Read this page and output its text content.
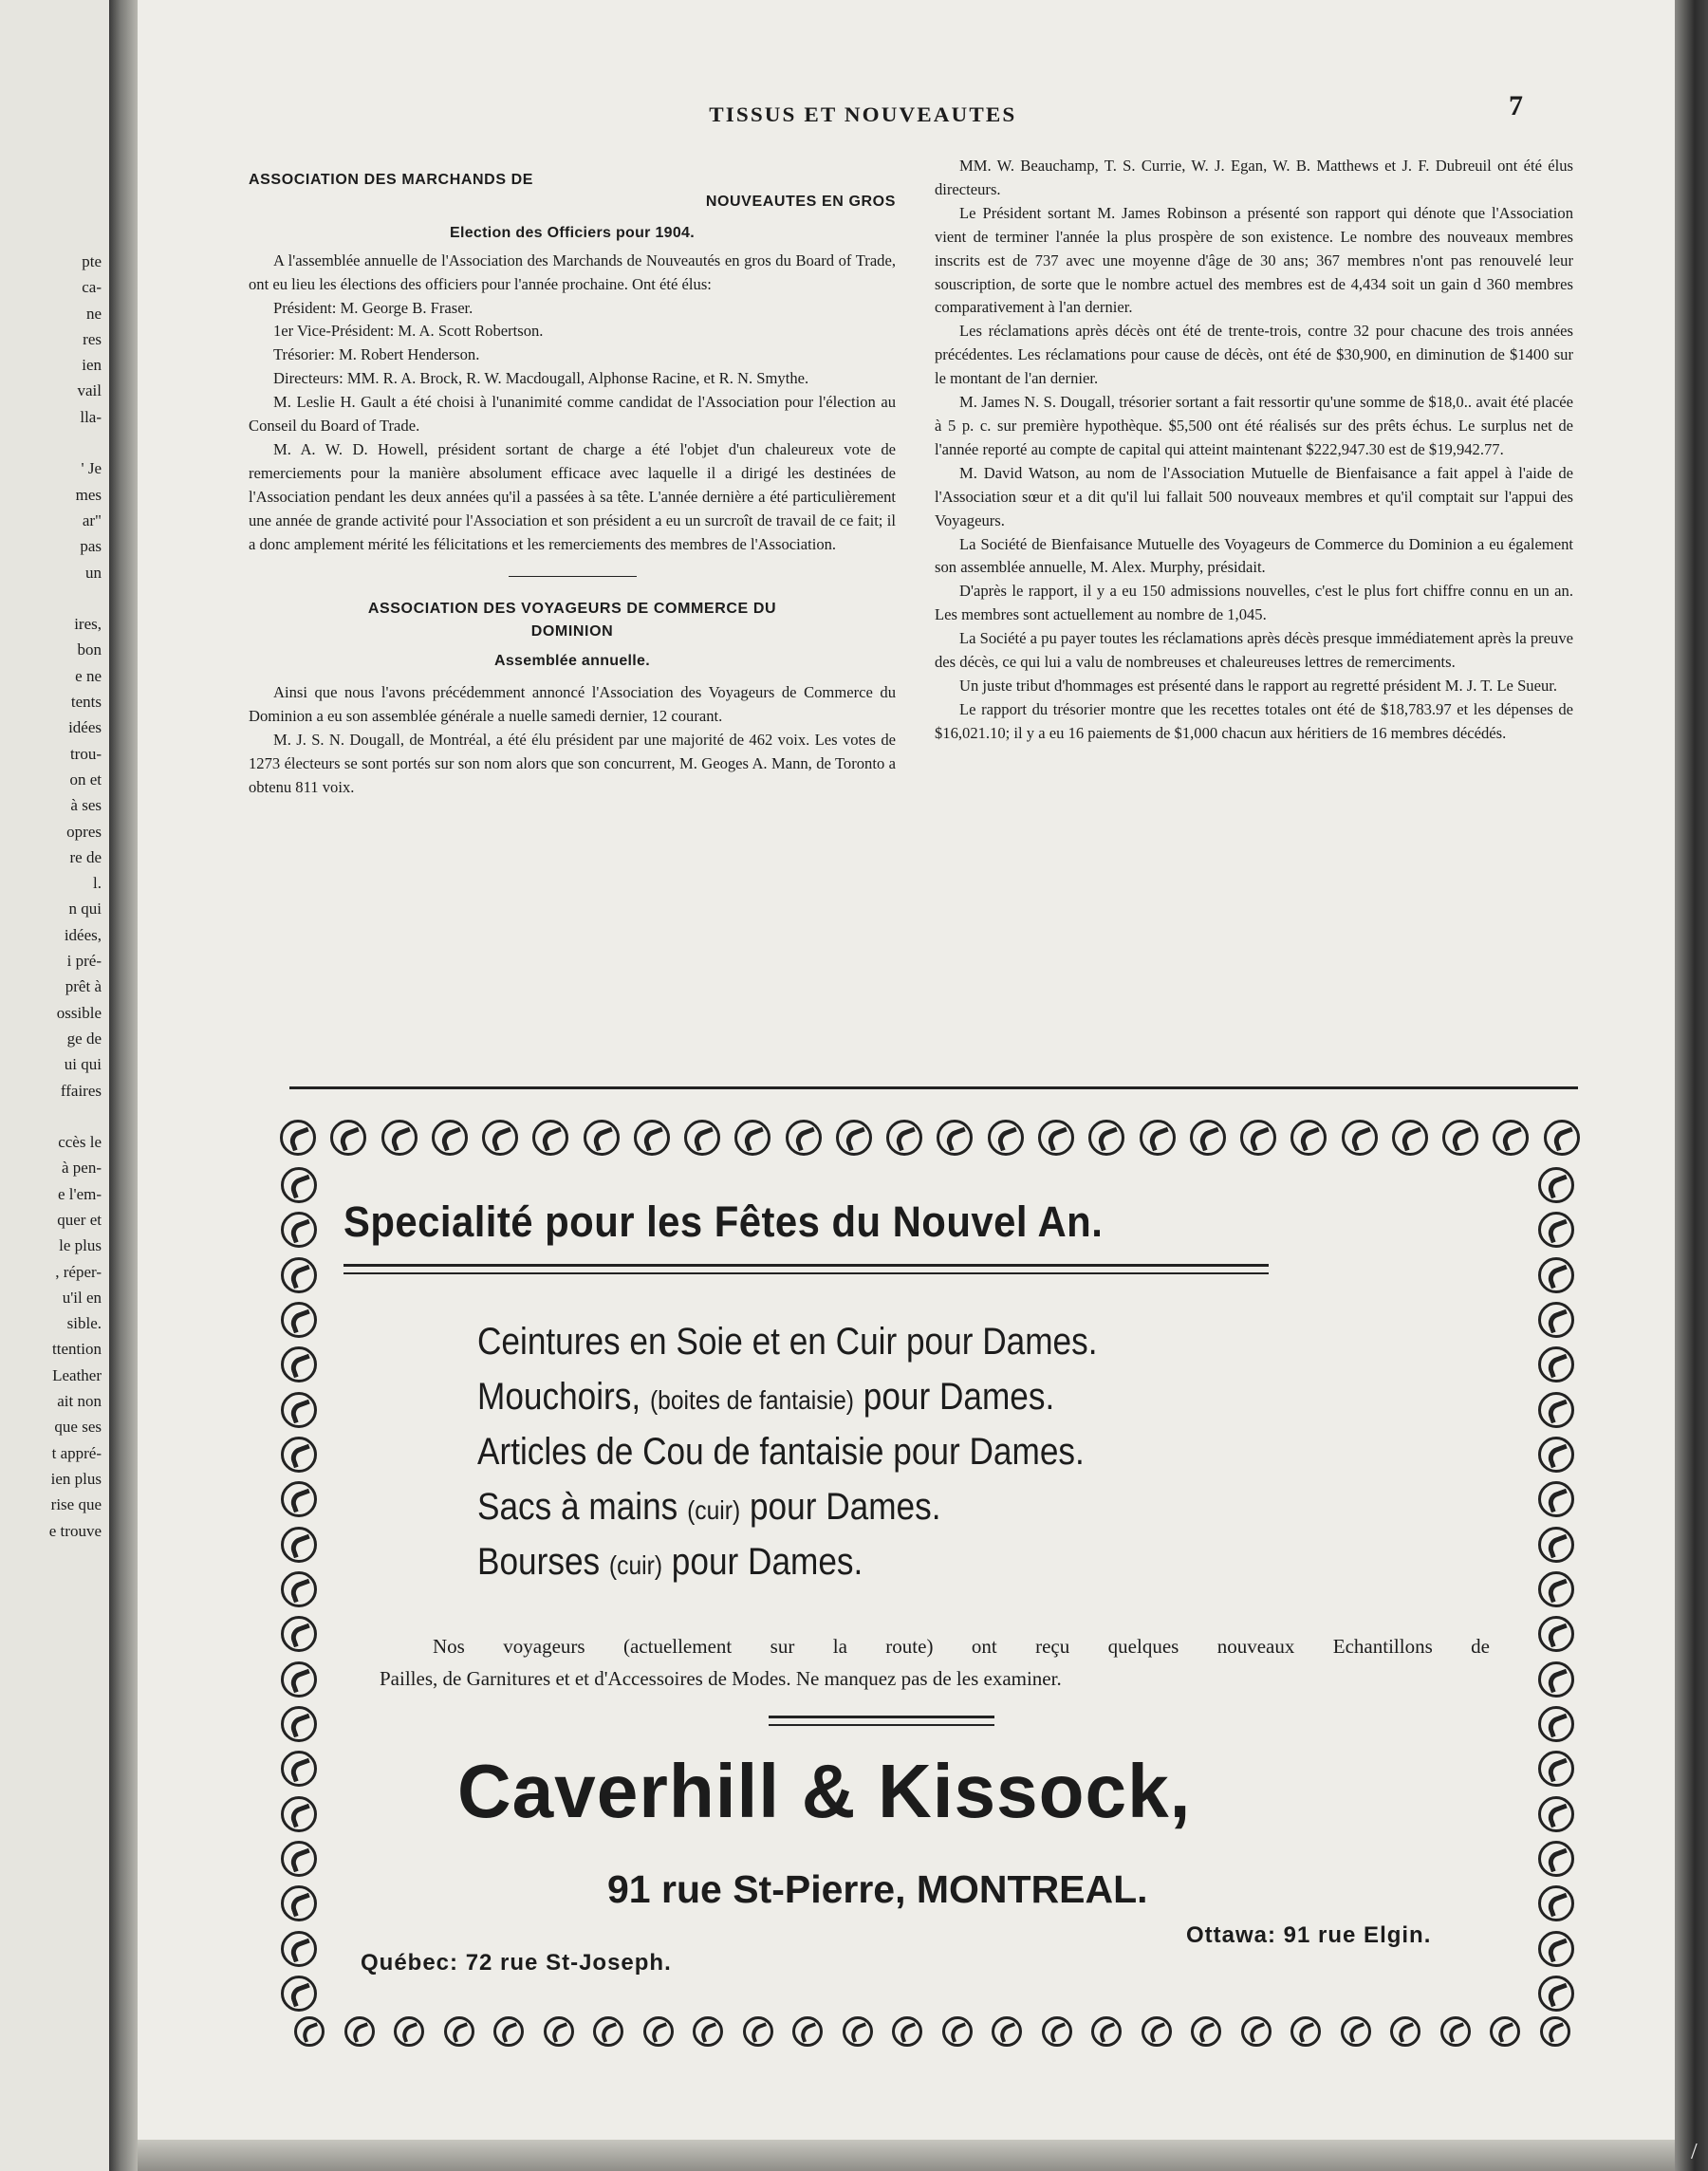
pte
ca-
ne
res
ien
vail
lla-

' Je
mes
ar"
pas
un

ires,
bon
e ne
tents
idées
trou-
on et
à ses
opres
re de
l.
n qui
idées,
i pré-
prêt à
ossible
ge de
ui qui
ffaires

ccès le
à pen-
e l'em-
quer et
le plus
, réper-
u'il en
sible.
ttention
Leather
ait non
que ses
t appré-
ien plus
rise que
e trouve
TISSUS ET NOUVEAUTES	7
ASSOCIATION DES MARCHANDS DE
NOUVEAUTES EN GROS
Election des Officiers pour 1904.

A l'assemblée annuelle de l'Association des Marchands de Nouveautés en gros du Board of Trade, ont eu lieu les élections des officiers pour l'année prochaine. Ont été élus:

Président: M. George B. Fraser.

1er Vice-Président: M. A. Scott Robertson.

Trésorier: M. Robert Henderson.

Directeurs: MM. R. A. Brock, R. W. Macdougall, Alphonse Racine, et R. N. Smythe.

M. Leslie H. Gault a été choisi à l'unanimité comme candidat de l'Association pour l'élection au Conseil du Board of Trade.

M. A. W. D. Howell, président sortant de charge a été l'objet d'un chaleureux vote de remerciements pour la manière absolument efficace avec laquelle il a dirigé les destinées de l'Association pendant les deux années qu'il a passées à sa tête. L'année dernière a été particulièrement une année de grande activité pour l'Association et son président a eu un surcroît de travail de ce fait; il a donc amplement mérité les félicitations et les remerciements des membres de l'Association.

ASSOCIATION DES VOYAGEURS DE COMMERCE DU
DOMINION
Assemblée annuelle.

Ainsi que nous l'avons précédemment annoncé l'Association des Voyageurs de Commerce du Dominion a eu son assemblée générale a nuelle samedi dernier, 12 courant.

M. J. S. N. Dougall, de Montréal, a été élu président par une majorité de 462 voix. Les votes de 1273 électeurs se sont portés sur son nom alors que son concurrent, M. Geoges A. Mann, de Toronto a obtenu 811 voix.

MM. W. Beauchamp, T. S. Currie, W. J. Egan, W. B. Matthews et J. F. Dubreuil ont été élus directeurs.

Le Président sortant M. James Robinson a présenté son rapport qui dénote que l'Association vient de terminer l'année la plus prospère de son existence. Le nombre des nouveaux membres inscrits est de 737 avec une moyenne d'âge de 30 ans; 367 membres n'ont pas renouvelé leur souscription, de sorte que le nombre actuel des membres est de 4,434 soit un gain d 360 membres comparativement à l'an dernier.

Les réclamations après décès ont été de trente-trois, contre 32 pour chacune des trois années précédentes. Les réclamations pour cause de décès, ont été de $30,900, en diminution de $1400 sur le montant de l'an dernier.

M. James N. S. Dougall, trésorier sortant a fait ressortir qu'une somme de $18,0.. avait été placée à 5 p. c. sur première hypothèque. $5,500 ont été réalisés sur des prêts échus. Le surplus net de l'année reporté au compte de capital qui atteint maintenant $222,947.30 est de $19,942.77.

M. David Watson, au nom de l'Association Mutuelle de Bienfaisance a fait appel à l'aide de l'Association sœur et a dit qu'il lui fallait 500 nouveaux membres et qu'il comptait sur l'appui des Voyageurs.

La Société de Bienfaisance Mutuelle des Voyageurs de Commerce du Dominion a eu également son assemblée annuelle, M. Alex. Murphy, présidait.

D'après le rapport, il y a eu 150 admissions nouvelles, c'est le plus fort chiffre connu en un an. Les membres sont actuellement au nombre de 1,045.

La Société a pu payer toutes les réclamations après décès presque immédiatement après la preuve des décès, ce qui lui a valu de nombreuses et chaleureuses lettres de remerciments.

Un juste tribut d'hommages est présenté dans le rapport au regretté président M. J. T. Le Sueur.

Le rapport du trésorier montre que les recettes totales ont été de $18,783.97 et les dépenses de $16,021.10; il y a eu 16 paiements de $1,000 chacun aux héritiers de 16 membres décédés.

Specialité pour les Fêtes du Nouvel An.
Ceintures en Soie et en Cuir pour Dames.
Mouchoirs, (boites de fantaisie) pour Dames.
Articles de Cou de fantaisie pour Dames.
Sacs à mains (cuir) pour Dames.
Bourses (cuir) pour Dames.
Nos voyageurs (actuellement sur la route) ont reçu quelques nouveaux Echantillons de
Pailles, de Garnitures et et d'Accessoires de Modes. Ne manquez pas de les examiner.
Caverhill & Kissock,
91 rue St-Pierre, MONTREAL.
Québec: 72 rue St-Joseph.
Ottawa: 91 rue Elgin.
/
